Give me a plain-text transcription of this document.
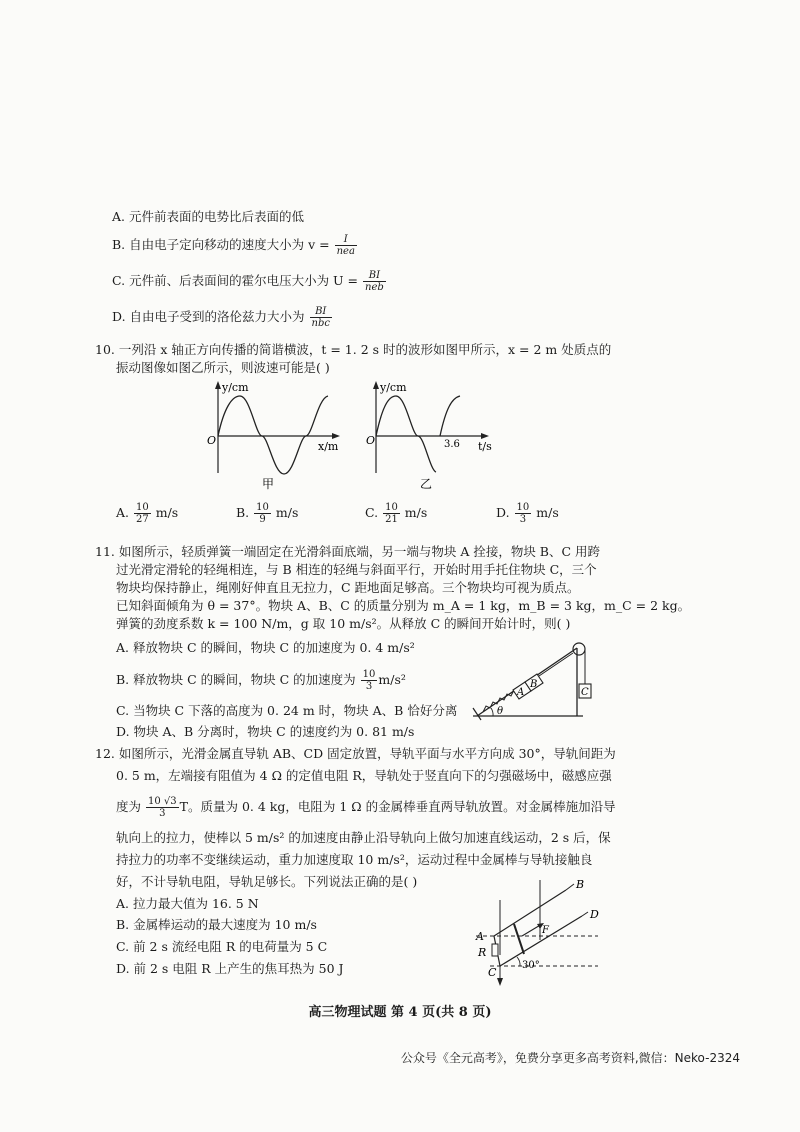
A. 元件前表面的电势比后表面的低
B. 自由电子定向移动的速度大小为 $v = \frac{I}{\text{nea}}$
C. 元件前、后表面间的霍尔电压大小为 $U = \frac{BI}{\text{neb}}$
D. 自由电子受到的洛伦兹力大小为 $\frac{BI}{\text{nbc}}$
10. 一列沿 x 轴正方向传播的简谐横波，t = 1. 2 s 时的波形如图甲所示，x = 2 m 处质点的
振动图像如图乙所示，则波速可能是( )
y/cm
O	x/m
甲
y/cm
O	3.6 t/s
乙
A. $\frac{10}{27} m/s$	B. $\frac{10}{9} m/s$	C. $\frac{10}{21} m/s$	D. $\frac{10}{3} m/s$
11. 如图所示，轻质弹簧一端固定在光滑斜面底端，另一端与物块 A 拴接，物块 B、C 用跨
过光滑定滑轮的轻绳相连，与 B 相连的轻绳与斜面平行，开始时用手托住物块 C，三个
物块均保持静止，绳刚好伸直且无拉力，C 距地面足够高。三个物块均可视为质点。
已知斜面倾角为 θ = 37°。物块 A、B、C 的质量分别为 m_A = 1 kg，m_B = 3 kg，m_C = 2 kg。
弹簧的劲度系数 k = 100 N/m，g 取 10 m/s²。从释放 C 的瞬间开始计时，则( )
A. 释放物块 C 的瞬间，物块 C 的加速度为 0. 4 m/s²
B. 释放物块 C 的瞬间，物块 C 的加速度为 $\frac{10}{3} m/s^2$
C. 当物块 C 下落的高度为 0. 24 m 时，物块 A、B 恰好分离
D. 物块 A、B 分离时，物块 C 的速度约为 0. 81 m/s
A
B
C
θ
12. 如图所示，光滑金属直导轨 AB、CD 固定放置，导轨平面与水平方向成 30°，导轨间距为
0. 5 m，左端接有阻值为 4 Ω 的定值电阻 R，导轨处于竖直向下的匀强磁场中，磁感应强
度为 $\frac{10 √3}{3}$ T。质量为 0. 4 kg，电阻为 1 Ω 的金属棒垂直两导轨放置。对金属棒施加沿导
轨向上的拉力，使棒以 5 m/s² 的加速度由静止沿导轨向上做匀加速直线运动，2 s 后，保
持拉力的功率不变继续运动，重力加速度取 10 m/s²，运动过程中金属棒与导轨接触良
好，不计导轨电阻，导轨足够长。下列说法正确的是( )
A. 拉力最大值为 16. 5 N
B. 金属棒运动的最大速度为 10 m/s
C. 前 2 s 流经电阻 R 的电荷量为 5 C
D. 前 2 s 电阻 R 上产生的焦耳热为 50 J
B
D
A
R
C
F
30°
高三物理试题 第 4 页(共 8 页)
公众号《全元高考》，免费分享更多高考资料,微信：Neko-2324
